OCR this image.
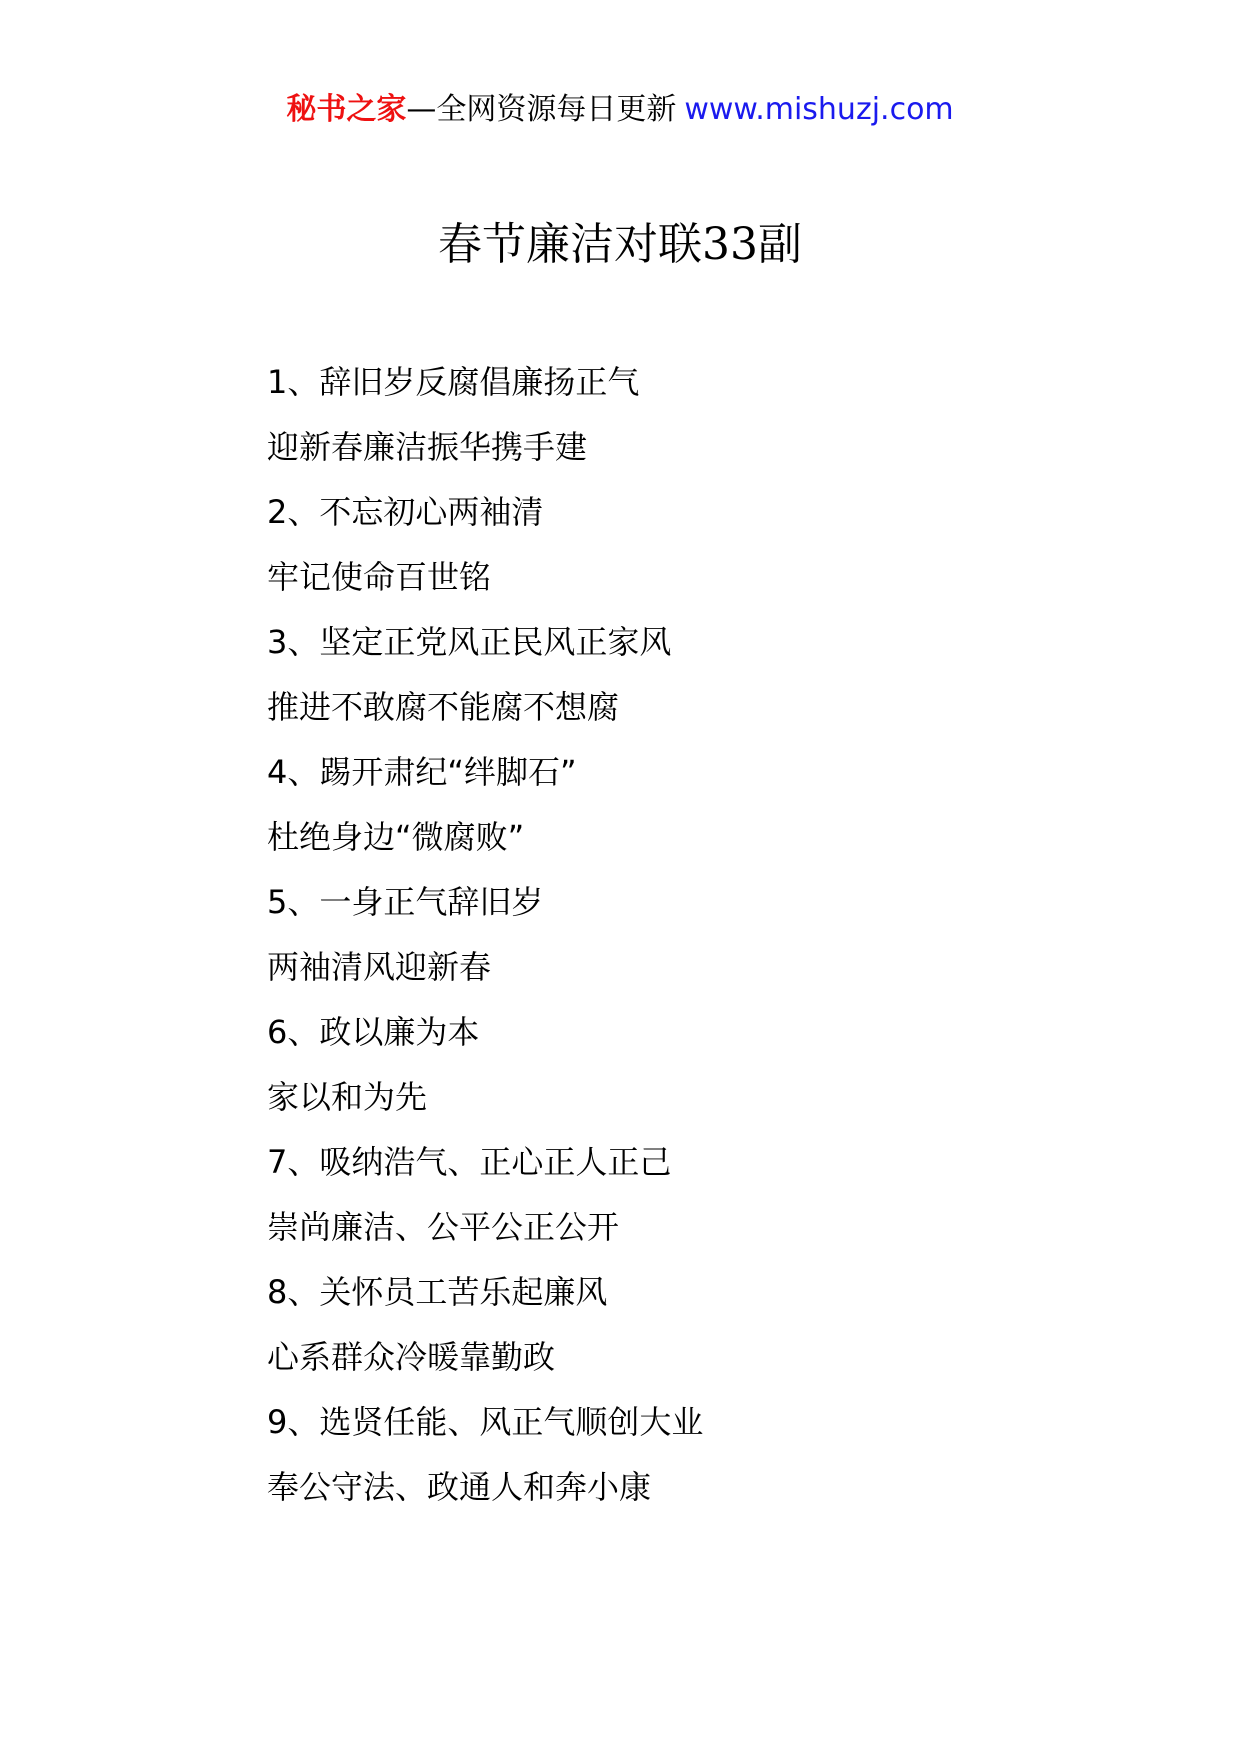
秘书之家—全网资源每日更新 www.mishuzj.com
春节廉洁对联33副
1、辞旧岁反腐倡廉扬正气
迎新春廉洁振华携手建
2、不忘初心两袖清
牢记使命百世铭
3、坚定正党风正民风正家风
推进不敢腐不能腐不想腐
4、踢开肃纪“绊脚石”
杜绝身边“微腐败”
5、一身正气辞旧岁
两袖清风迎新春
6、政以廉为本
家以和为先
7、吸纳浩气、正心正人正己
崇尚廉洁、公平公正公开
8、关怀员工苦乐起廉风
心系群众冷暖靠勤政
9、选贤任能、风正气顺创大业
奉公守法、政通人和奔小康
